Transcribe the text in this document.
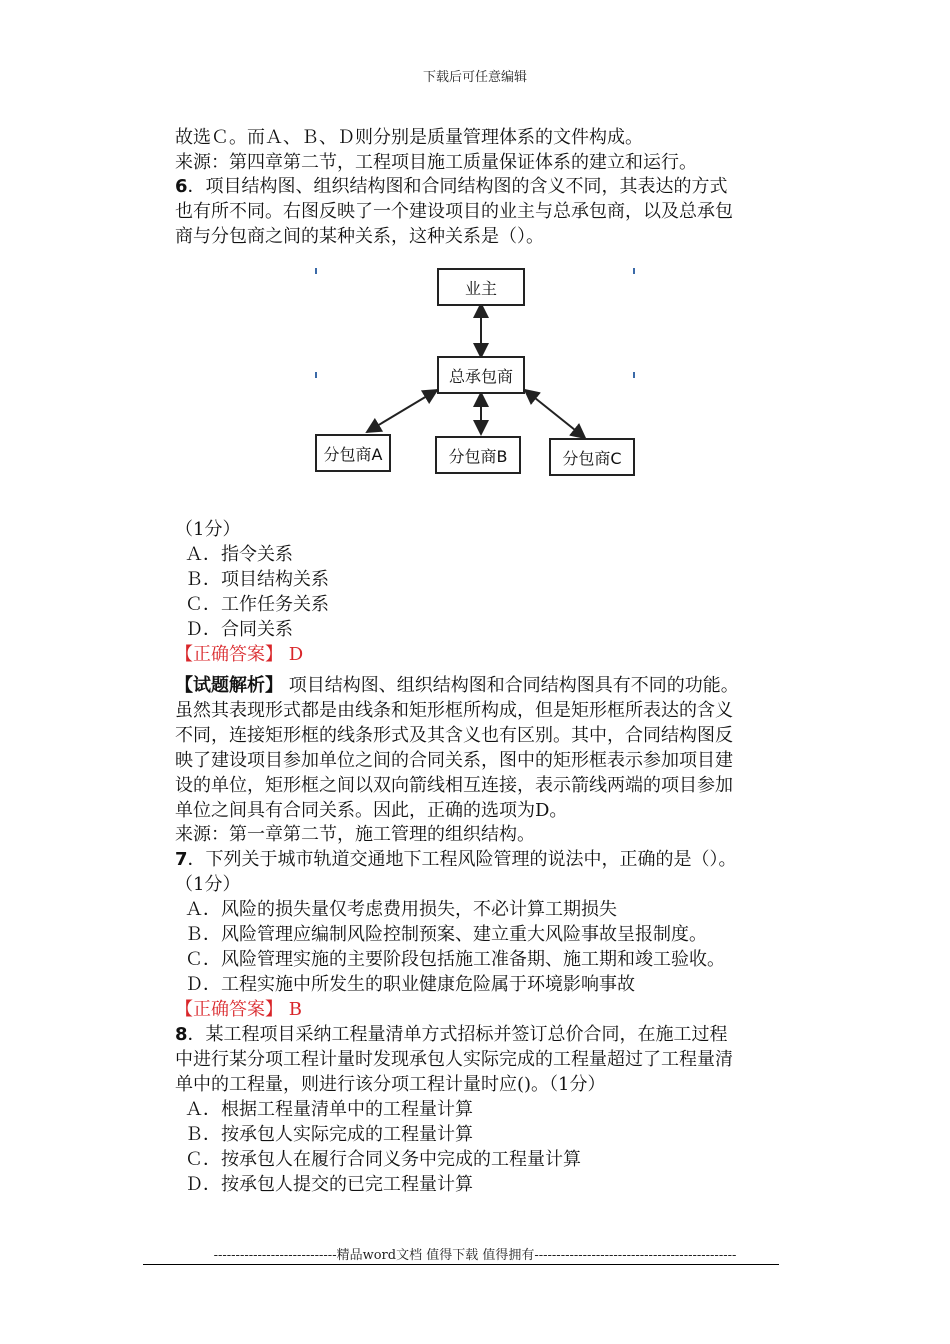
下载后可任意编辑
故选Ｃ。而Ａ、Ｂ、Ｄ则分别是质量管理体系的文件构成。
来源：第四章第二节，工程项目施工质量保证体系的建立和运行。
6．项目结构图、组织结构图和合同结构图的含义不同，其表达的方式
也有所不同。右图反映了一个建设项目的业主与总承包商，以及总承包
商与分包商之间的某种关系，这种关系是（）。
业主
总承包商
分包商A	分包商B	分包商C
（1分）
Ａ．指令关系
Ｂ．项目结构关系
Ｃ．工作任务关系
Ｄ．合同关系
【正确答案】 D
【试题解析】 项目结构图、组织结构图和合同结构图具有不同的功能。
虽然其表现形式都是由线条和矩形框所构成，但是矩形框所表达的含义
不同，连接矩形框的线条形式及其含义也有区别。其中，合同结构图反
映了建设项目参加单位之间的合同关系，图中的矩形框表示参加项目建
设的单位，矩形框之间以双向箭线相互连接，表示箭线两端的项目参加
单位之间具有合同关系。因此，正确的选项为D。
来源：第一章第二节，施工管理的组织结构。
7．下列关于城市轨道交通地下工程风险管理的说法中，正确的是（）。
（1分）
Ａ．风险的损失量仅考虑费用损失，不必计算工期损失
Ｂ．风险管理应编制风险控制预案、建立重大风险事故呈报制度。
Ｃ．风险管理实施的主要阶段包括施工准备期、施工期和竣工验收。
Ｄ．工程实施中所发生的职业健康危险属于环境影响事故
【正确答案】 B
8．某工程项目采纳工程量清单方式招标并签订总价合同，在施工过程
中进行某分项工程计量时发现承包人实际完成的工程量超过了工程量清
单中的工程量，则进行该分项工程计量时应()。（1分）
Ａ．根据工程量清单中的工程量计算
Ｂ．按承包人实际完成的工程量计算
Ｃ．按承包人在履行合同义务中完成的工程量计算
Ｄ．按承包人提交的已完工程量计算
----------------------------精品word文档 值得下载 值得拥有----------------------------------------------
